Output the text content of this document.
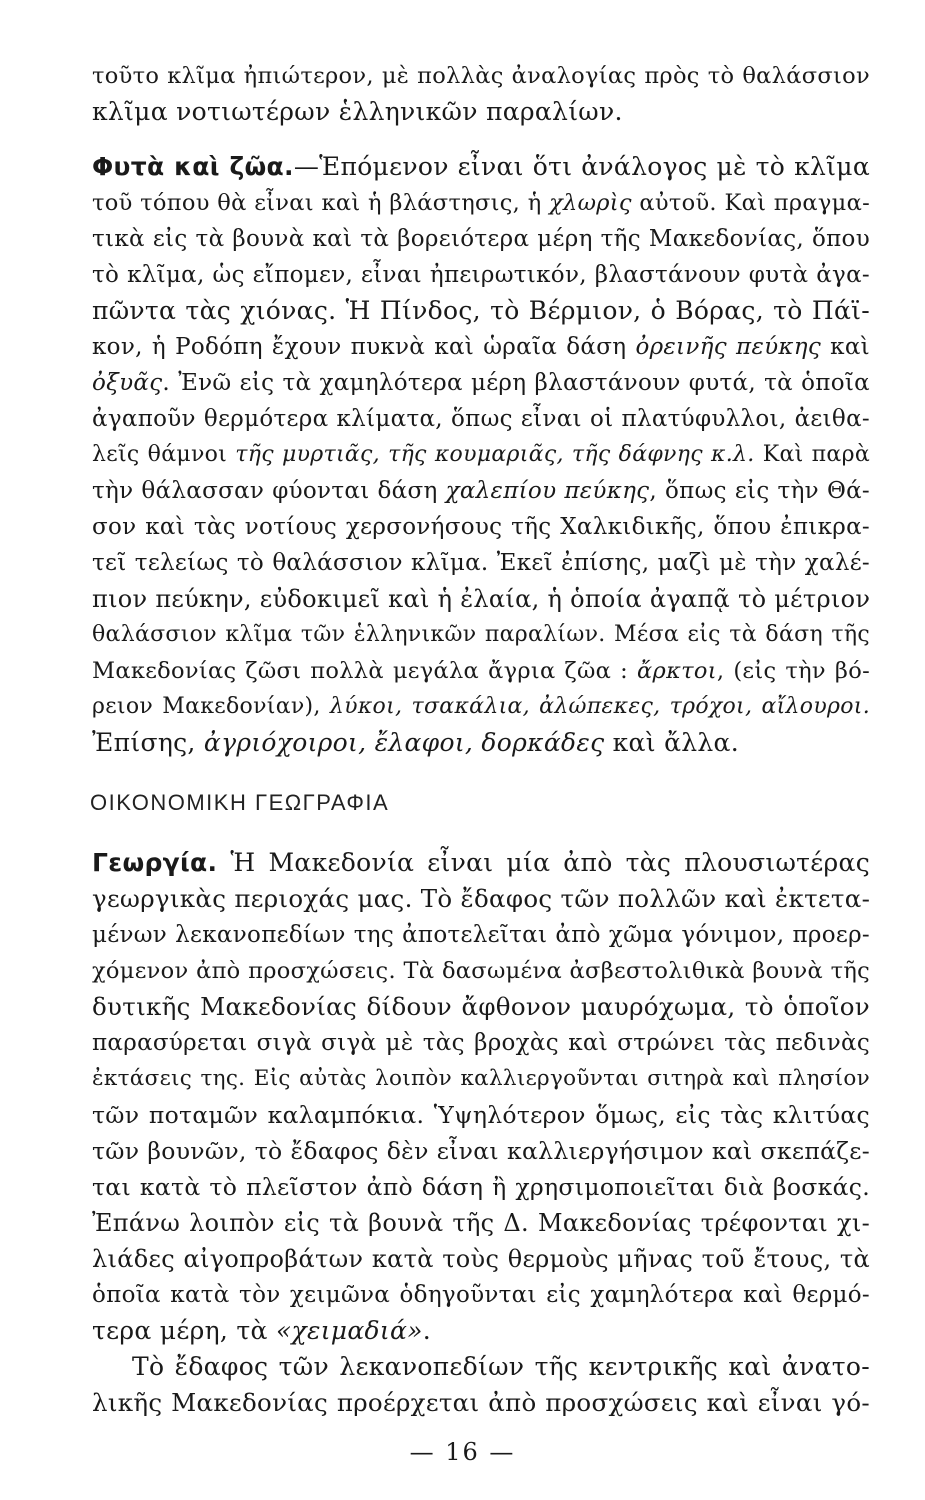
τοῦτο κλῖμα ἠπιώτερον, μὲ πολλὰς ἀναλογίας πρὸς τὸ θαλάσσιον
κλῖμα νοτιωτέρων ἑλληνικῶν παραλίων.
Φυτὰ καὶ ζῶα.—Ἑπόμενον εἶναι ὅτι ἀνάλογος μὲ τὸ κλῖμα
τοῦ τόπου θὰ εἶναι καὶ ἡ βλάστησις, ἡ χλωρὶς αὐτοῦ. Καὶ πραγμα-
τικὰ εἰς τὰ βουνὰ καὶ τὰ βορειότερα μέρη τῆς Μακεδονίας, ὅπου
τὸ κλῖμα, ὡς εἴπομεν, εἶναι ἠπειρωτικόν, βλαστάνουν φυτὰ ἀγα-
πῶντα τὰς χιόνας. Ἡ Πίνδος, τὸ Βέρμιον, ὁ Βόρας, τὸ Πάϊ-
κον, ἡ Ροδόπη ἔχουν πυκνὰ καὶ ὡραῖα δάση ὀρεινῆς πεύκης καὶ
ὀξυᾶς. Ἐνῶ εἰς τὰ χαμηλότερα μέρη βλαστάνουν φυτά, τὰ ὁποῖα
ἀγαποῦν θερμότερα κλίματα, ὅπως εἶναι οἱ πλατύφυλλοι, ἀειθα-
λεῖς θάμνοι τῆς μυρτιᾶς, τῆς κουμαριᾶς, τῆς δάφνης κ.λ. Καὶ παρὰ
τὴν θάλασσαν φύονται δάση χαλεπίου πεύκης, ὅπως εἰς τὴν Θά-
σον καὶ τὰς νοτίους χερσονήσους τῆς Χαλκιδικῆς, ὅπου ἐπικρα-
τεῖ τελείως τὸ θαλάσσιον κλῖμα. Ἐκεῖ ἐπίσης, μαζὶ μὲ τὴν χαλέ-
πιον πεύκην, εὐδοκιμεῖ καὶ ἡ ἐλαία, ἡ ὁποία ἀγαπᾷ τὸ μέτριον
θαλάσσιον κλῖμα τῶν ἑλληνικῶν παραλίων. Μέσα εἰς τὰ δάση τῆς
Μακεδονίας ζῶσι πολλὰ μεγάλα ἄγρια ζῶα : ἄρκτοι, (εἰς τὴν βό-
ρειον Μακεδονίαν), λύκοι, τσακάλια, ἀλώπεκες, τρόχοι, αἴλουροι.
Ἐπίσης, ἀγριόχοιροι, ἔλαφοι, δορκάδες καὶ ἄλλα.
ΟΙΚΟΝΟΜΙΚΗ ΓΕΩΓΡΑΦΙΑ
Γεωργία. Ἡ Μακεδονία εἶναι μία ἀπὸ τὰς πλουσιωτέρας
γεωργικὰς περιοχάς μας. Τὸ ἔδαφος τῶν πολλῶν καὶ ἐκτετα-
μένων λεκανοπεδίων της ἀποτελεῖται ἀπὸ χῶμα γόνιμον, προερ-
χόμενον ἀπὸ προσχώσεις. Τὰ δασωμένα ἀσβεστολιθικὰ βουνὰ τῆς
δυτικῆς Μακεδονίας δίδουν ἄφθονον μαυρόχωμα, τὸ ὁποῖον
παρασύρεται σιγὰ σιγὰ μὲ τὰς βροχὰς καὶ στρώνει τὰς πεδινὰς
ἐκτάσεις της. Εἰς αὐτὰς λοιπὸν καλλιεργοῦνται σιτηρὰ καὶ πλησίον
τῶν ποταμῶν καλαμπόκια. Ὑψηλότερον ὅμως, εἰς τὰς κλιτύας
τῶν βουνῶν, τὸ ἔδαφος δὲν εἶναι καλλιεργήσιμον καὶ σκεπάζε-
ται κατὰ τὸ πλεῖστον ἀπὸ δάση ἢ χρησιμοποιεῖται διὰ βοσκάς.
Ἐπάνω λοιπὸν εἰς τὰ βουνὰ τῆς Δ. Μακεδονίας τρέφονται χι-
λιάδες αἰγοπροβάτων κατὰ τοὺς θερμοὺς μῆνας τοῦ ἔτους, τὰ
ὁποῖα κατὰ τὸν χειμῶνα ὁδηγοῦνται εἰς χαμηλότερα καὶ θερμό-
τερα μέρη, τὰ «χειμαδιά».
Τὸ ἔδαφος τῶν λεκανοπεδίων τῆς κεντρικῆς καὶ ἀνατο-
λικῆς Μακεδονίας προέρχεται ἀπὸ προσχώσεις καὶ εἶναι γό-
— 16 —
